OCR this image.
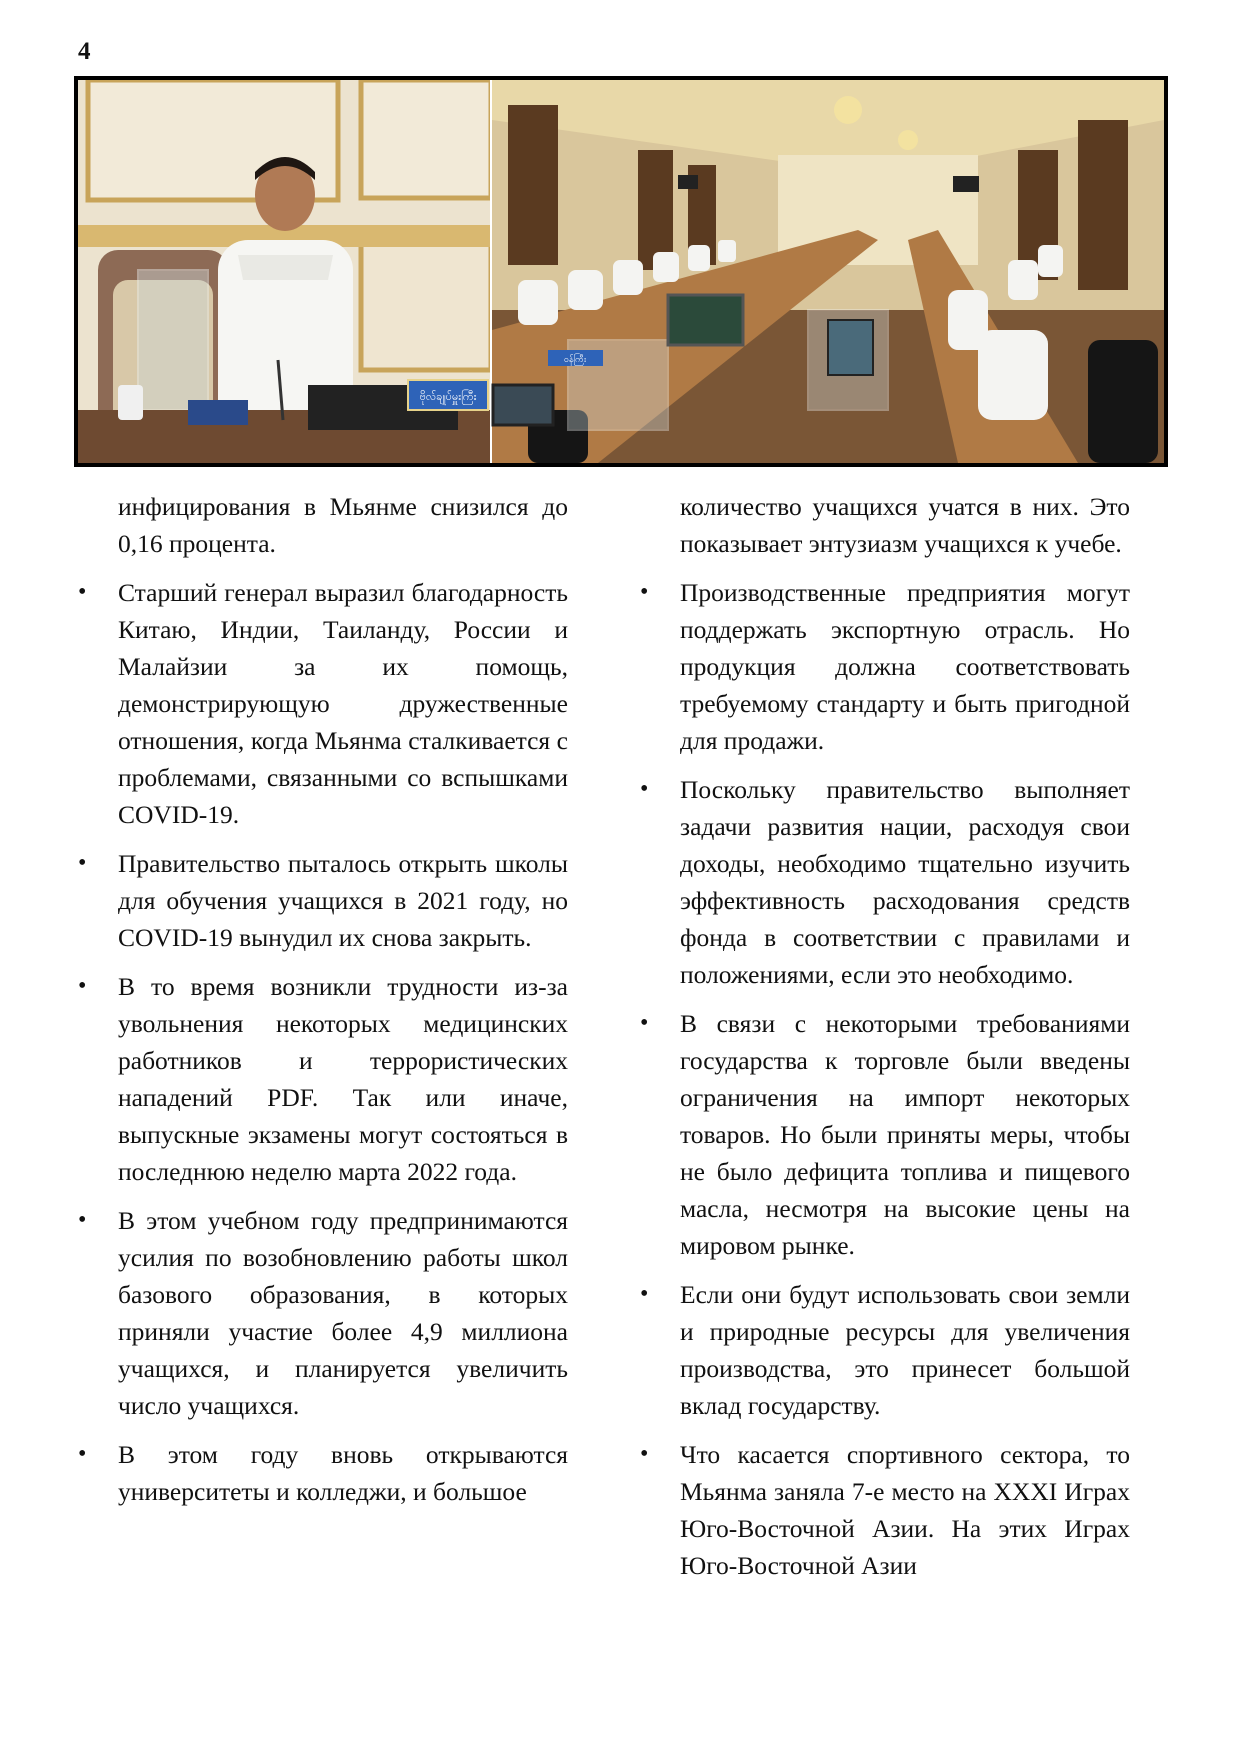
4
ဗိုလ်ချုပ်မှူးကြီး
ဝန်ကြီး

инфицирования в Мьянме снизился до 0,16 процента.

• Старший генерал выразил благодарность Китаю, Индии, Таиланду, России и Малайзии за их помощь, демонстрирующую дружественные отношения, когда Мьянма сталкивается с проблемами, связанными со вспышками COVID-19.

• Правительство пыталось открыть школы для обучения учащихся в 2021 году, но COVID-19 вынудил их снова закрыть.

• В то время возникли трудности из-за увольнения некоторых медицинских работников и террористических нападений PDF. Так или иначе, выпускные экзамены могут состояться в последнюю неделю марта 2022 года.

• В этом учебном году предпринимаются усилия по возобновлению работы школ базового образования, в которых приняли участие более 4,9 миллиона учащихся, и планируется увеличить число учащихся.

• В этом году вновь открываются университеты и колледжи, и большое

количество учащихся учатся в них. Это показывает энтузиазм учащихся к учебе.

• Производственные предприятия могут поддержать экспортную отрасль. Но продукция должна соответствовать требуемому стандарту и быть пригодной для продажи.

• Поскольку правительство выполняет задачи развития нации, расходуя свои доходы, необходимо тщательно изучить эффективность расходования средств фонда в соответствии с правилами и положениями, если это необходимо.

• В связи с некоторыми требованиями государства к торговле были введены ограничения на импорт некоторых товаров. Но были приняты меры, чтобы не было дефицита топлива и пищевого масла, несмотря на высокие цены на мировом рынке.

• Если они будут использовать свои земли и природные ресурсы для увеличения производства, это принесет большой вклад государству.

• Что касается спортивного сектора, то Мьянма заняла 7-е место на XXXI Играх Юго-Восточной Азии. На этих Играх Юго-Восточной Азии
